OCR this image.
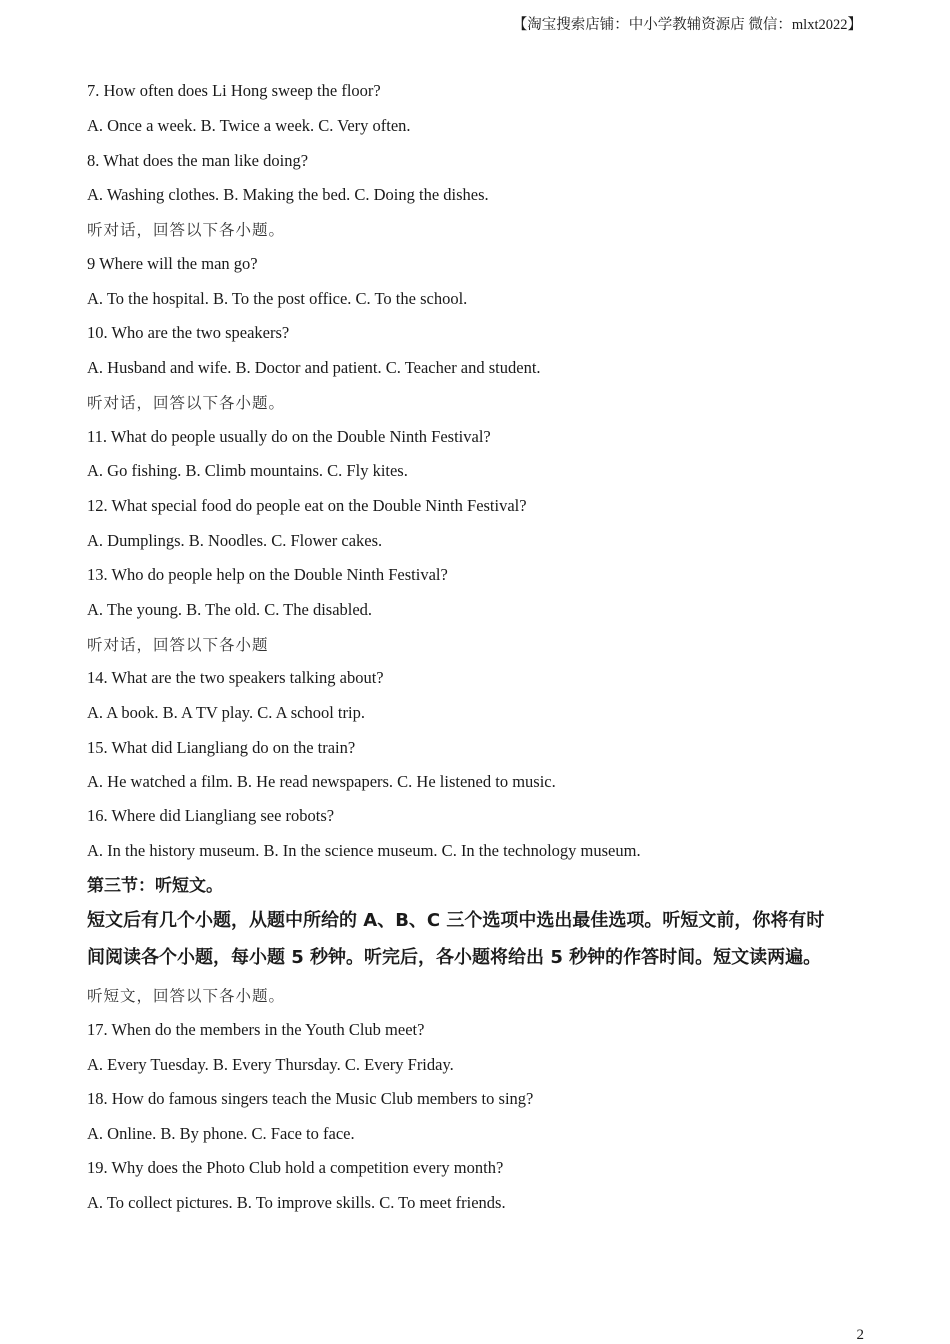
【淘宝搜索店铺：中小学教辅资源店 微信：mlxt2022】
7. How often does Li Hong sweep the floor?
A. Once a week. B. Twice a week. C. Very often.
8. What does the man like doing?
A. Washing clothes. B. Making the bed. C. Doing the dishes.
听对话，回答以下各小题。
9 Where will the man go?
A. To the hospital. B. To the post office. C. To the school.
10. Who are the two speakers?
A. Husband and wife. B. Doctor and patient. C. Teacher and student.
听对话，回答以下各小题。
11. What do people usually do on the Double Ninth Festival?
A. Go fishing. B. Climb mountains. C. Fly kites.
12. What special food do people eat on the Double Ninth Festival?
A. Dumplings. B. Noodles. C. Flower cakes.
13. Who do people help on the Double Ninth Festival?
A. The young. B. The old. C. The disabled.
听对话，回答以下各小题
14. What are the two speakers talking about?
A. A book. B. A TV play. C. A school trip.
15. What did Liangliang do on the train?
A. He watched a film. B. He read newspapers. C. He listened to music.
16. Where did Liangliang see robots?
A. In the history museum. B. In the science museum. C. In the technology museum.
第三节：听短文。
短文后有几个小题，从题中所给的 A、B、C 三个选项中选出最佳选项。听短文前，你将有时
间阅读各个小题，每小题 5 秒钟。听完后，各小题将给出 5 秒钟的作答时间。短文读两遍。
听短文，回答以下各小题。
17. When do the members in the Youth Club meet?
A. Every Tuesday. B. Every Thursday. C. Every Friday.
18. How do famous singers teach the Music Club members to sing?
A. Online. B. By phone. C. Face to face.
19. Why does the Photo Club hold a competition every month?
A. To collect pictures. B. To improve skills. C. To meet friends.
2
